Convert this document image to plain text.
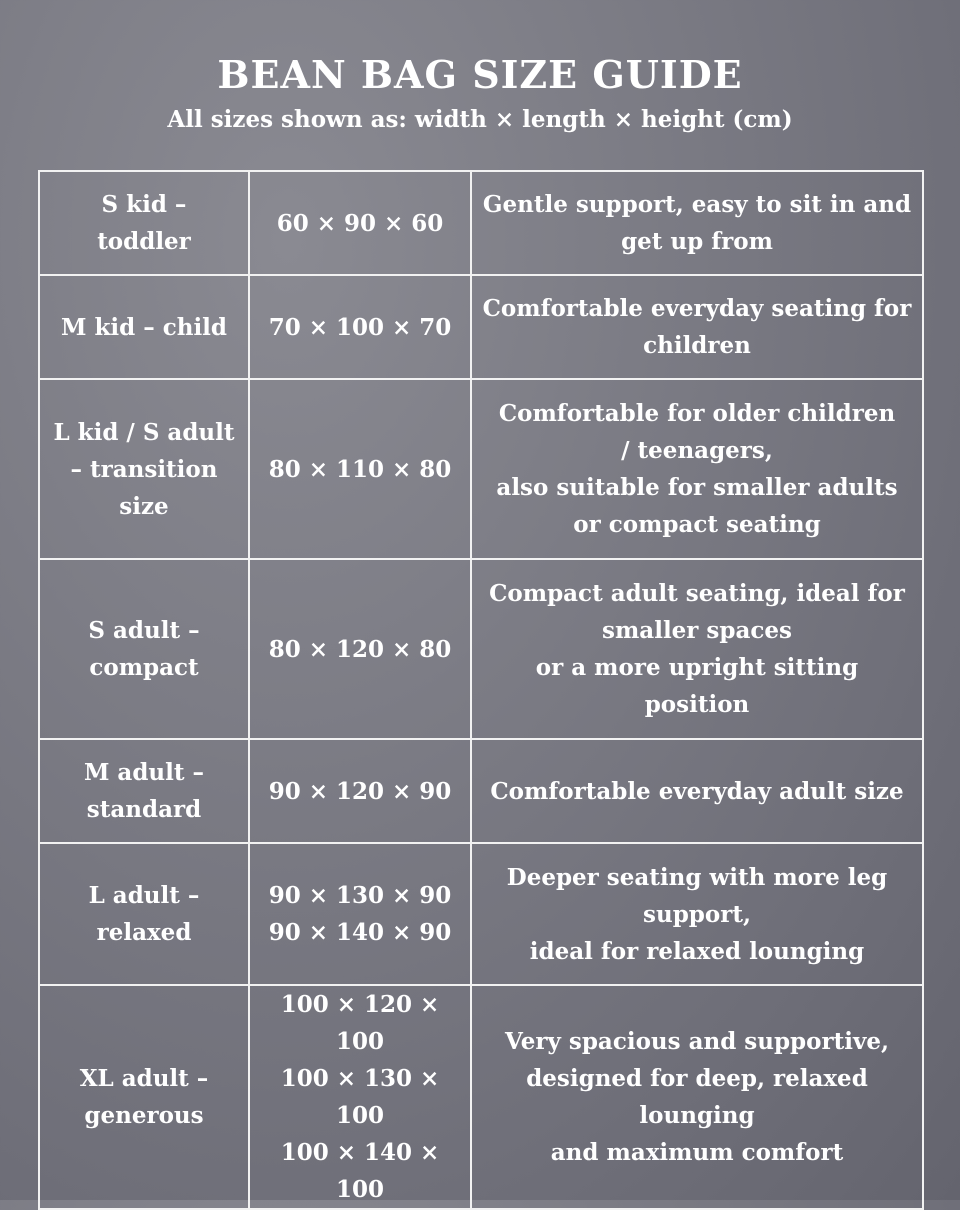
BEAN BAG SIZE GUIDE
All sizes shown as: width × length × height (cm)
S kid –
toddler	60 × 90 × 60	Gentle support, easy to sit in and
get up from

M kid – child	70 × 100 × 70	Comfortable everyday seating for
children

L kid / S adult
– transition
size	80 × 110 × 80	Comfortable for older children
/ teenagers,
also suitable for smaller adults
or compact seating

S adult –
compact	80 × 120 × 80	Compact adult seating, ideal for
smaller spaces
or a more upright sitting
position

M adult –
standard	90 × 120 × 90	Comfortable everyday adult size

L adult –
relaxed	90 × 130 × 90
90 × 140 × 90	Deeper seating with more leg
support,
ideal for relaxed lounging

XL adult –
generous	100 × 120 × 100
100 × 130 × 100
100 × 140 × 100	Very spacious and supportive,
designed for deep, relaxed
lounging
and maximum comfort
